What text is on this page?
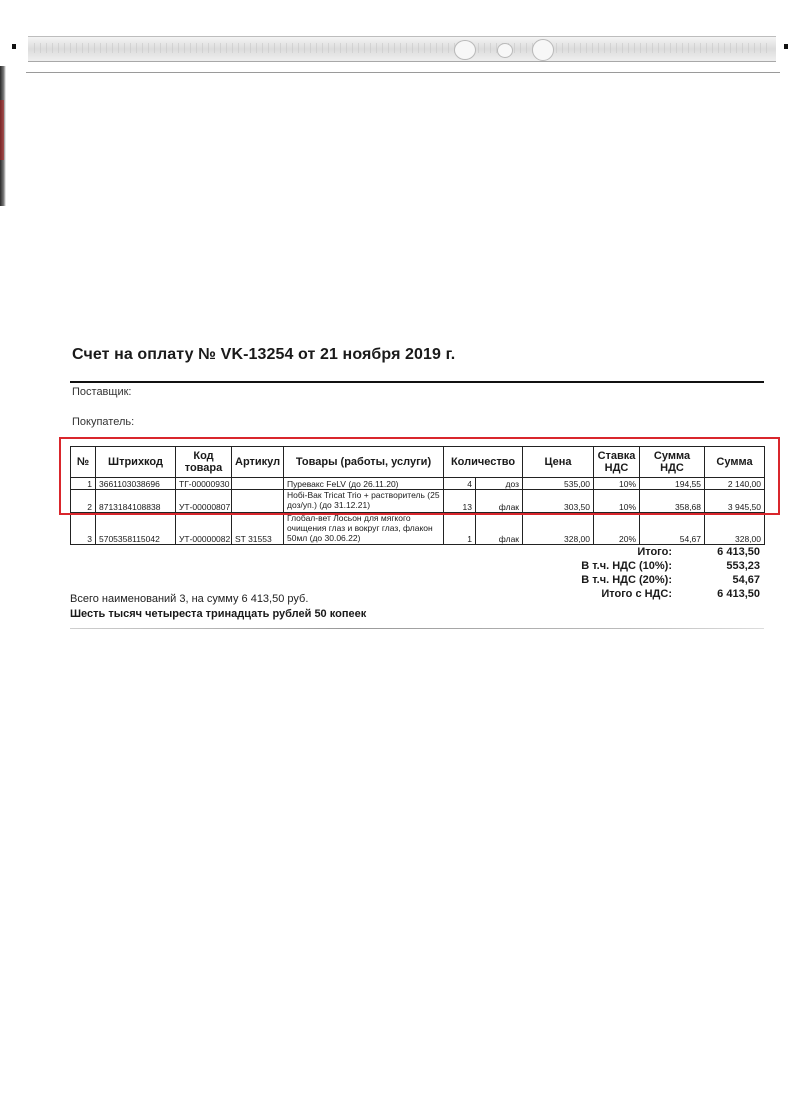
Счет на оплату № VK-13254 от 21 ноября 2019 г.
Поставщик:
Покупатель:
№	Штрихкод	Код товара	Артикул	Товары (работы, услуги)	Количество		Цена	Ставка НДС	Сумма НДС	Сумма
1	3661103038696	ТГ-00000930		Пуревакс FeLV (до 26.11.20)	4	доз	535,00	10%	194,55	2 140,00
2	8713184108838	УТ-00000807		Нобі-Вак Tricat Trio + растворитель (25 доз/уп.) (до 31.12.21)	13	флак	303,50	10%	358,68	3 945,50
3	5705358115042	УТ-00000082	ST 31553	Глобал-вет Лосьон для мягкого очищения глаз и вокруг глаз, флакон 50мл (до 30.06.22)	1	флак	328,00	20%	54,67	328,00
Итого:	6 413,50
В т.ч. НДС (10%):	553,23
В т.ч. НДС (20%):	54,67
Итого с НДС:	6 413,50
Всего наименований 3, на сумму 6 413,50 руб.
Шесть тысяч четыреста тринадцать рублей 50 копеек
